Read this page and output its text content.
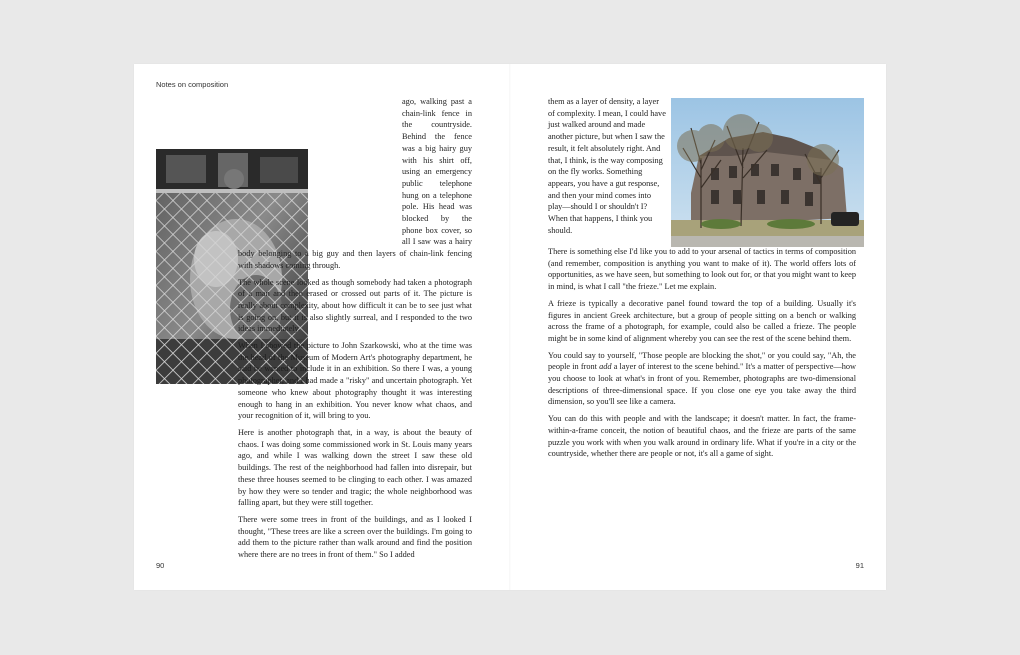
Notes on composition

ago, walking past a chain-link fence in the countryside. Behind the fence was a big hairy guy with his shirt off, using an emergency public telephone hung on a telephone pole. His head was blocked by the phone box cover, so all I saw was a hairy body belonging to a big guy and then layers of chain-link fencing with shadows coming through.

The whole scene looked as though somebody had taken a photograph of a man and then erased or crossed out parts of it. The picture is really about complexity, about how difficult it can be to see just what is going on, but it is also slightly surreal, and I responded to the two ideas immediately.

When I showed the picture to John Szarkowski, who at the time was the head of the Museum of Modern Art's photography department, he said he wanted to include it in an exhibition. So there I was, a young photographer, and I had made a "risky" and uncertain photograph. Yet someone who knew about photography thought it was interesting enough to hang in an exhibition. You never know what chaos, and your recognition of it, will bring to you.

Here is another photograph that, in a way, is about the beauty of chaos. I was doing some commissioned work in St. Louis many years ago, and while I was walking down the street I saw these old buildings. The rest of the neighborhood had fallen into disrepair, but these three houses seemed to be clinging to each other. I was amazed by how they were so tender and tragic; the whole neighborhood was falling apart, but they were still together.

There were some trees in front of the buildings, and as I looked I thought, "These trees are like a screen over the buildings. I'm going to add them to the picture rather than walk around and find the position where there are no trees in front of them." So I added

90

them as a layer of density, a layer of complexity. I mean, I could have just walked around and made another picture, but when I saw the result, it felt absolutely right. And that, I think, is the way composing on the fly works. Something appears, you have a gut response, and then your mind comes into play—should I or shouldn't I? When that happens, I think you should.

There is something else I'd like you to add to your arsenal of tactics in terms of composition (and remember, composition is anything you want to make of it). The world offers lots of opportunities, as we have seen, but something to look out for, or that you might want to keep in mind, is what I call "the frieze." Let me explain.

A frieze is typically a decorative panel found toward the top of a building. Usually it's figures in ancient Greek architecture, but a group of people sitting on a bench or walking across the frame of a photograph, for example, could also be called a frieze. The people might be in some kind of alignment whereby you can see the rest of the scene behind them.

You could say to yourself, "Those people are blocking the shot," or you could say, "Ah, the people in front add a layer of interest to the scene behind." It's a matter of perspective—how you choose to look at what's in front of you. Remember, photographs are two-dimensional descriptions of three-dimensional space. If you close one eye you take away the third dimension, so you'll see like a camera.

You can do this with people and with the landscape; it doesn't matter. In fact, the frame-within-a-frame conceit, the notion of beautiful chaos, and the frieze are parts of the same puzzle you work with when you walk around in ordinary life. What if you're in a city or the countryside, whether there are people or not, it's all a game of sight.

91
